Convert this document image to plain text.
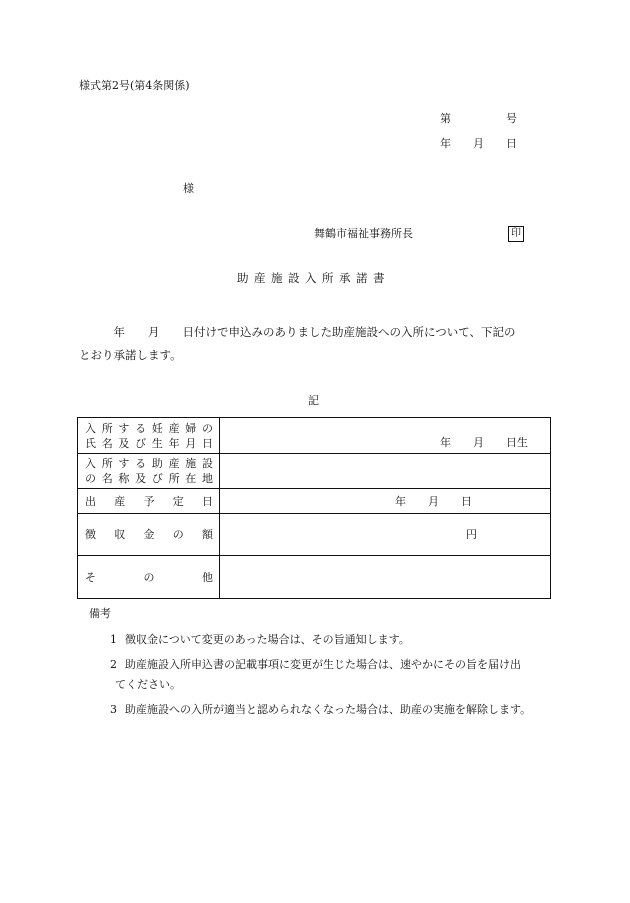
様式第2号(第4条関係)
第　　　　　号
年　　月　　日
様
舞鶴市福祉事務所長	印
助産施設入所承諾書
　　　年　　月　　日付けで申込みのありました助産施設への入所について、下記の
とおり承諾します。
記
入所する妊産婦の
氏名及び生年月日	年　　月　　日生

入所する助産施設
の名称及び所在地	

出産予定日	年　　月　　日

徴収金の額	円

その他	
備考
1 徴収金について変更のあった場合は、その旨通知します。
2 助産施設入所申込書の記載事項に変更が生じた場合は、速やかにその旨を届け出
てください。
3 助産施設への入所が適当と認められなくなった場合は、助産の実施を解除します。
